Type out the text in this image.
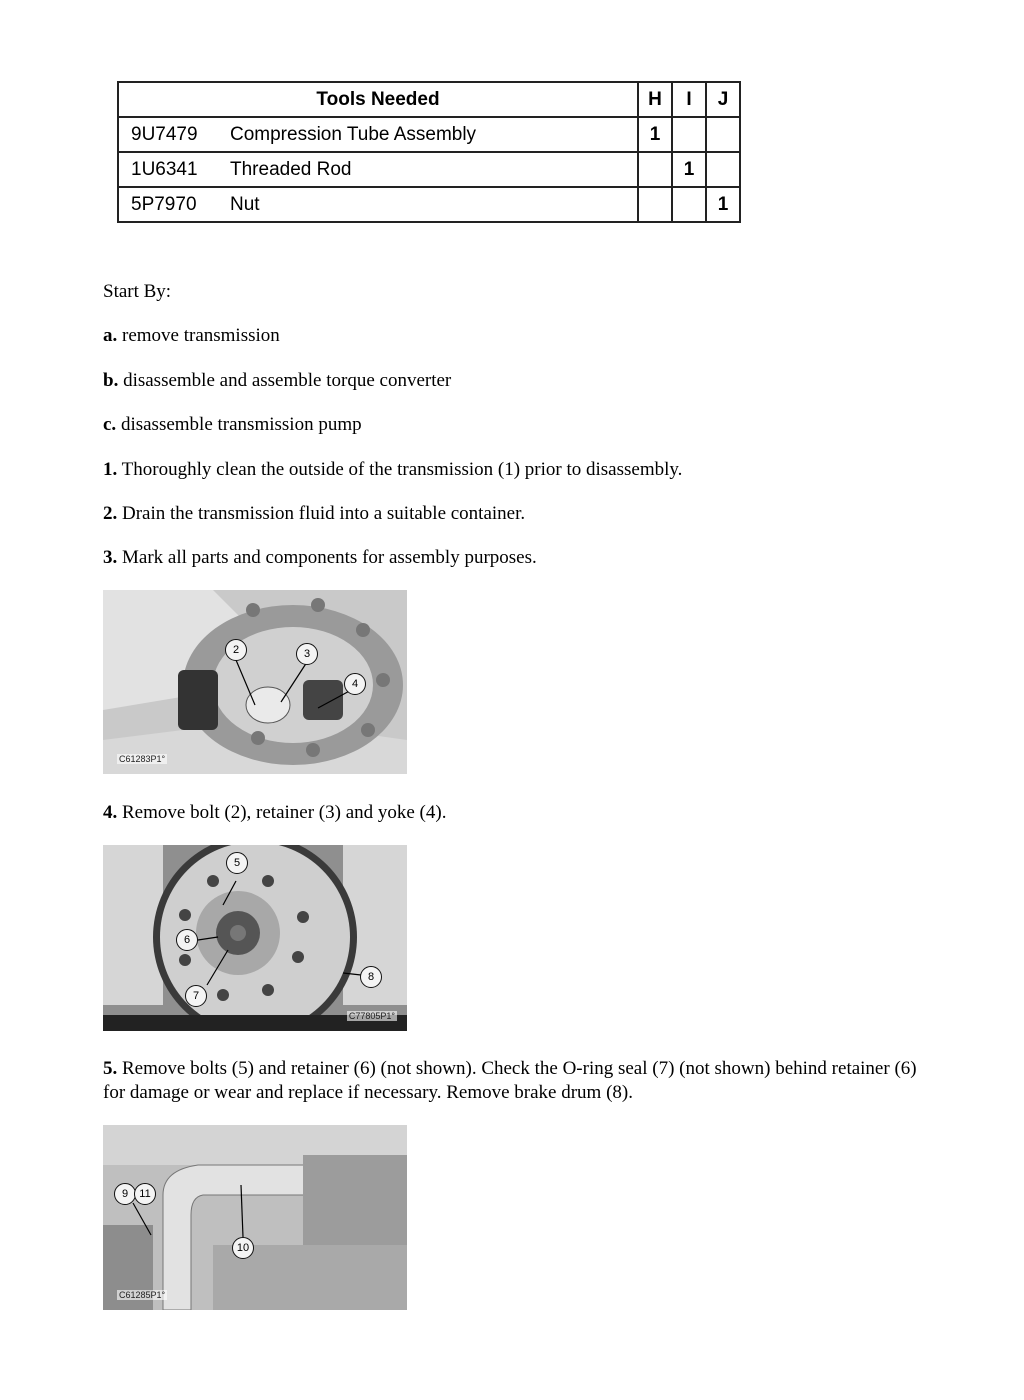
Tools Needed		H	I	J
9U7479	Compression Tube Assembly	1		
1U6341	Threaded Rod		1	
5P7970	Nut			1

Start By:

a. remove transmission

b. disassemble and assemble torque converter

c. disassemble transmission pump

1. Thoroughly clean the outside of the transmission (1) prior to disassembly.

2. Drain the transmission fluid into a suitable container.

3. Mark all parts and components for assembly purposes.

2	3
4
C61283P1°

4. Remove bolt (2), retainer (3) and yoke (4).

5
6
7
8
C77805P1°

5. Remove bolts (5) and retainer (6) (not shown). Check the O-ring seal (7) (not shown) behind retainer (6) for damage or wear and replace if necessary. Remove brake drum (8).

9	11
10
C61285P1°
